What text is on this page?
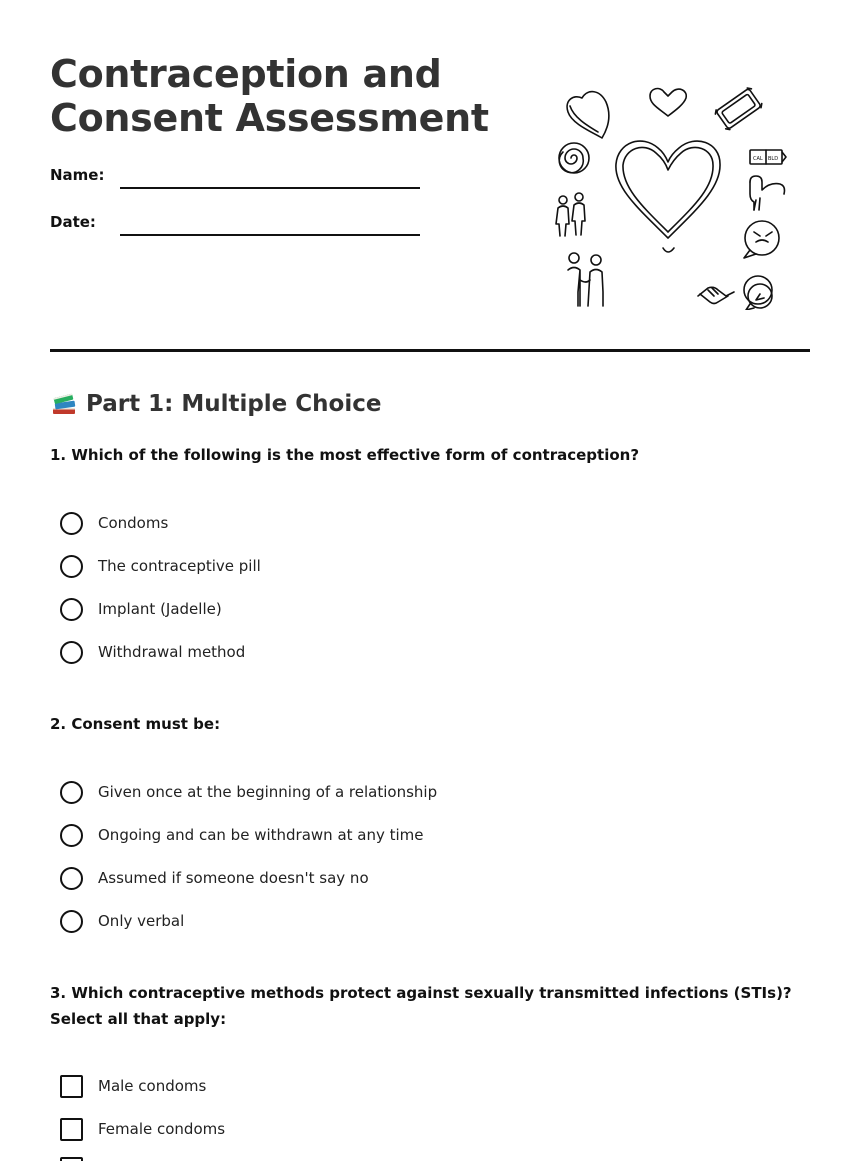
Contraception and
Consent Assessment
Name:
Date:
CAL BLD
Part 1: Multiple Choice
1. Which of the following is the most effective form of contraception?
Condoms
The contraceptive pill
Implant (Jadelle)
Withdrawal method
2. Consent must be:
Given once at the beginning of a relationship
Ongoing and can be withdrawn at any time
Assumed if someone doesn't say no
Only verbal
3. Which contraceptive methods protect against sexually transmitted infections (STIs)? Select all that apply:
Male condoms
Female condoms
